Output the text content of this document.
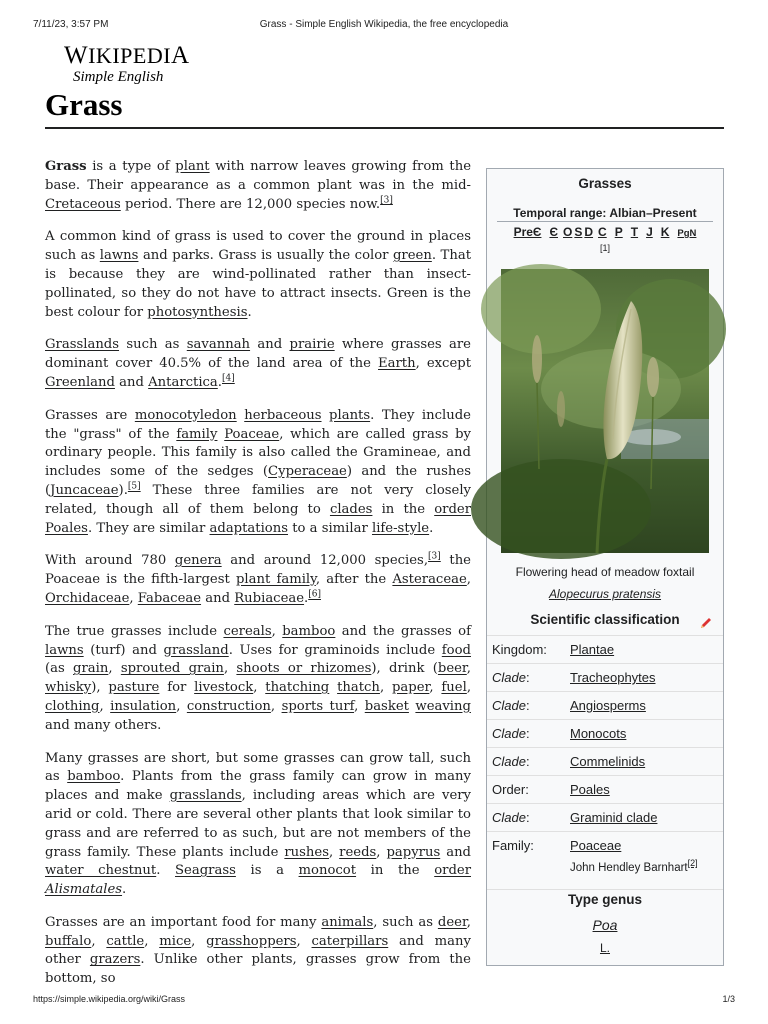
7/11/23, 3:57 PM	Grass - Simple English Wikipedia, the free encyclopedia
WIKIPEDIA
Simple English
Grass

Grass is a type of plant with narrow leaves growing from the base. Their appearance as a common plant was in the mid-Cretaceous period. There are 12,000 species now.[3]

A common kind of grass is used to cover the ground in places such as lawns and parks. Grass is usually the color green. That is because they are wind-pollinated rather than insect-pollinated, so they do not have to attract insects. Green is the best colour for photosynthesis.

Grasslands such as savannah and prairie where grasses are dominant cover 40.5% of the land area of the Earth, except Greenland and Antarctica.[4]

Grasses are monocotyledon herbaceous plants. They include the "grass" of the family Poaceae, which are called grass by ordinary people. This family is also called the Gramineae, and includes some of the sedges (Cyperaceae) and the rushes (Juncaceae).[5] These three families are not very closely related, though all of them belong to clades in the order Poales. They are similar adaptations to a similar life-style.

With around 780 genera and around 12,000 species,[3] the Poaceae is the fifth-largest plant family, after the Asteraceae, Orchidaceae, Fabaceae and Rubiaceae.[6]

The true grasses include cereals, bamboo and the grasses of lawns (turf) and grassland. Uses for graminoids include food (as grain, sprouted grain, shoots or rhizomes), drink (beer, whisky), pasture for livestock, thatching thatch, paper, fuel, clothing, insulation, construction, sports turf, basket weaving and many others.

Many grasses are short, but some grasses can grow tall, such as bamboo. Plants from the grass family can grow in many places and make grasslands, including areas which are very arid or cold. There are several other plants that look similar to grass and are referred to as such, but are not members of the grass family. These plants include rushes, reeds, papyrus and water chestnut. Seagrass is a monocot in the order Alismatales.

Grasses are an important food for many animals, such as deer, buffalo, cattle, mice, grasshoppers, caterpillars and many other grazers. Unlike other plants, grasses grow from the bottom, so

Grasses
Temporal range: Albian–Present
PreЄ Є O S D C P T J K PgN
[1]
Flowering head of meadow foxtail
Alopecurus pratensis
Scientific classification
Kingdom: Plantae
Clade:	Tracheophytes
Clade:	Angiosperms
Clade:	Monocots
Clade:	Commelinids
Order:	Poales
Clade:	Graminid clade
Family:	Poaceae
John Hendley Barnhart[2]
Type genus
Poa
L.
https://simple.wikipedia.org/wiki/Grass	1/3
